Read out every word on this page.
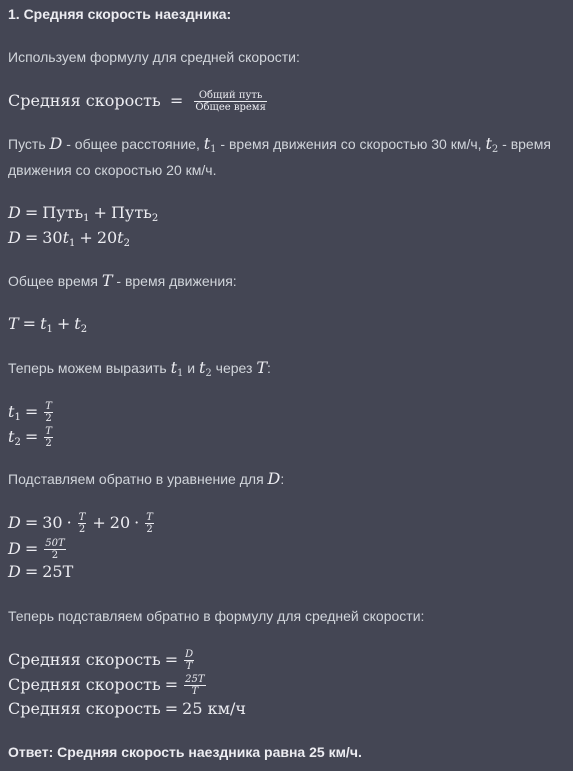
1. Средняя скорость наездника:
Используем формулу для средней скорости:
Средняя скорость = $\frac{\text{Общий путь}}{\text{Общее время}}$
Пусть D - общее расстояние, $t_1$ - время движения со скоростью 30 км/ч, $t_2$ - время
движения со скоростью 20 км/ч.
D = Путь$_1$ + Путь$_2$
$D = 30t_1 + 20t_2$
Общее время T - время движения:
$T = t_1 + t_2$
Теперь можем выразить $t_1$ и $t_2$ через T:
$t_1 = \frac{T}{2}$
$t_2 = \frac{T}{2}$
Подставляем обратно в уравнение для D:
$D = 30 \cdot \frac{T}{2} + 20 \cdot \frac{T}{2}$
$D = \frac{50T}{2}$
D = 25T
Теперь подставляем обратно в формулу для средней скорости:
Средняя скорость = $\frac{D}{T}$
Средняя скорость = $\frac{25T}{T}$
Средняя скорость = 25 км/ч
Ответ: Средняя скорость наездника равна 25 км/ч.
